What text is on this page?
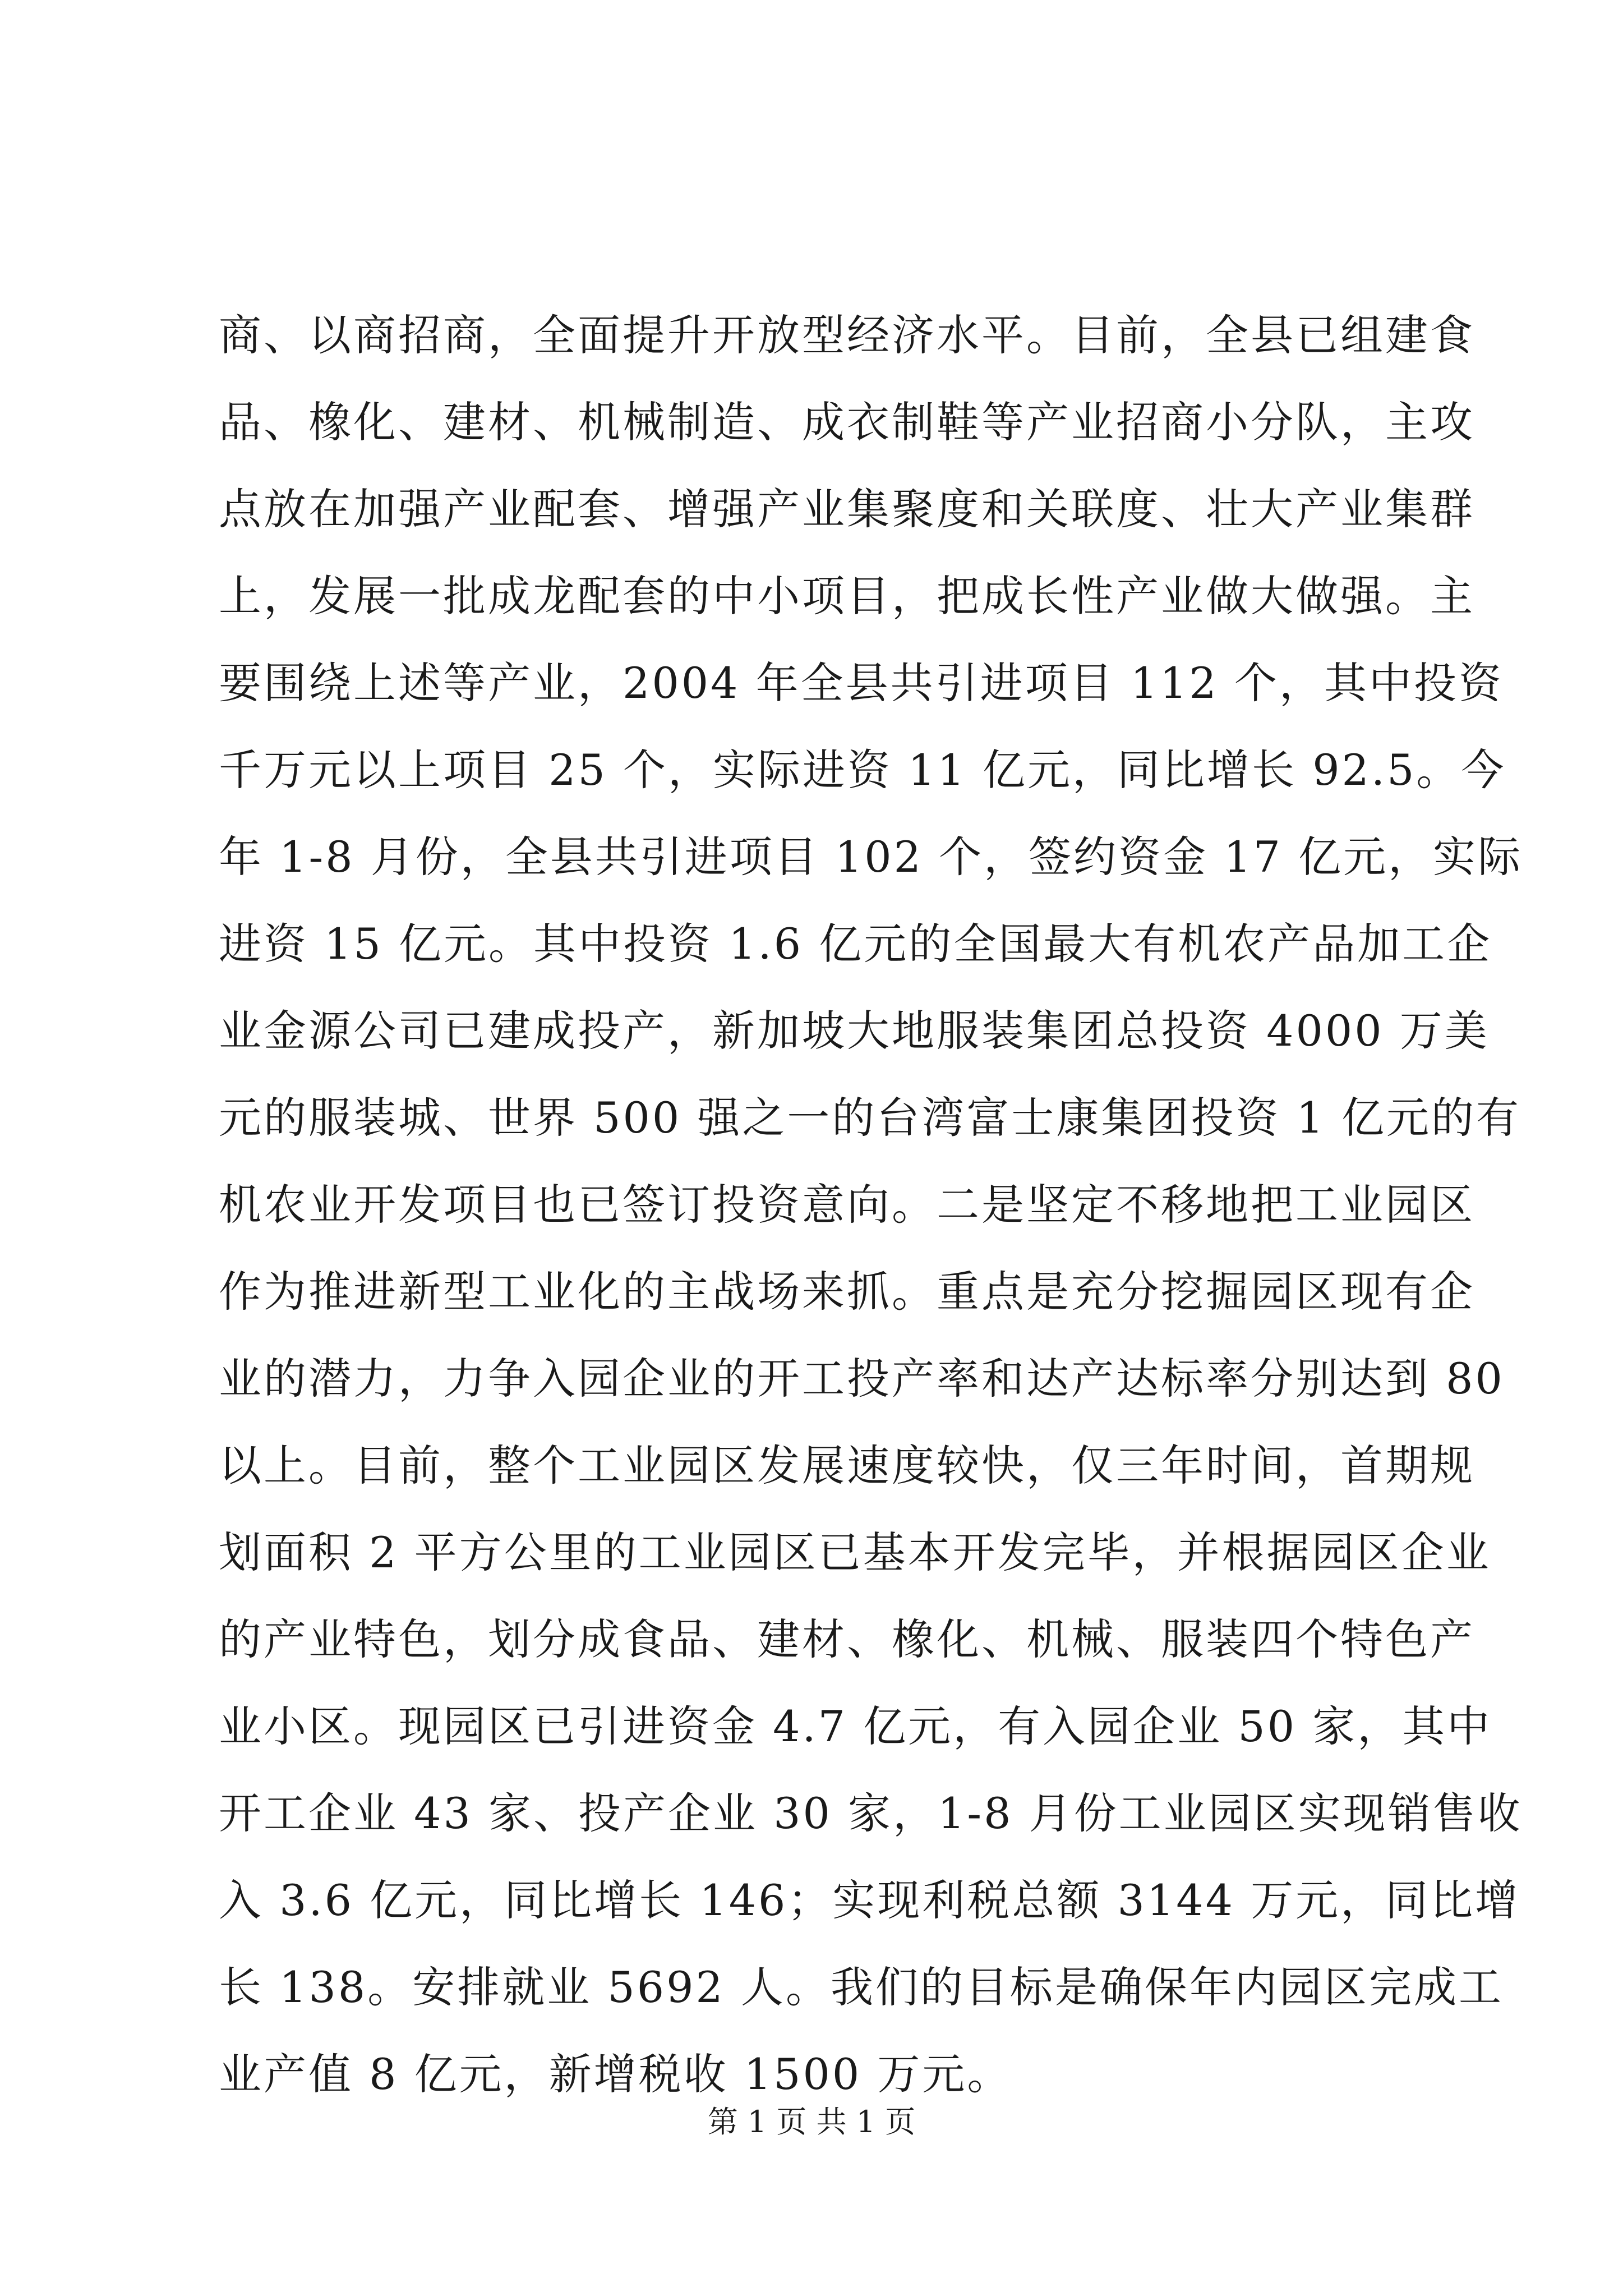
商、以商招商，全面提升开放型经济水平。目前，全县已组建食
品、橡化、建材、机械制造、成衣制鞋等产业招商小分队，主攻
点放在加强产业配套、增强产业集聚度和关联度、壮大产业集群
上，发展一批成龙配套的中小项目，把成长性产业做大做强。主
要围绕上述等产业，2004 年全县共引进项目 112 个，其中投资
千万元以上项目 25 个，实际进资 11 亿元，同比增长 92.5。今
年 1-8 月份，全县共引进项目 102 个，签约资金 17 亿元，实际
进资 15 亿元。其中投资 1.6 亿元的全国最大有机农产品加工企
业金源公司已建成投产，新加坡大地服装集团总投资 4000 万美
元的服装城、世界 500 强之一的台湾富士康集团投资 1 亿元的有
机农业开发项目也已签订投资意向。二是坚定不移地把工业园区
作为推进新型工业化的主战场来抓。重点是充分挖掘园区现有企
业的潜力，力争入园企业的开工投产率和达产达标率分别达到 80
以上。目前，整个工业园区发展速度较快，仅三年时间，首期规
划面积 2 平方公里的工业园区已基本开发完毕，并根据园区企业
的产业特色，划分成食品、建材、橡化、机械、服装四个特色产
业小区。现园区已引进资金 4.7 亿元，有入园企业 50 家，其中
开工企业 43 家、投产企业 30 家，1-8 月份工业园区实现销售收
入 3.6 亿元，同比增长 146；实现利税总额 3144 万元，同比增
长 138。安排就业 5692 人。我们的目标是确保年内园区完成工
业产值 8 亿元，新增税收 1500 万元。
第 1 页 共 1 页
